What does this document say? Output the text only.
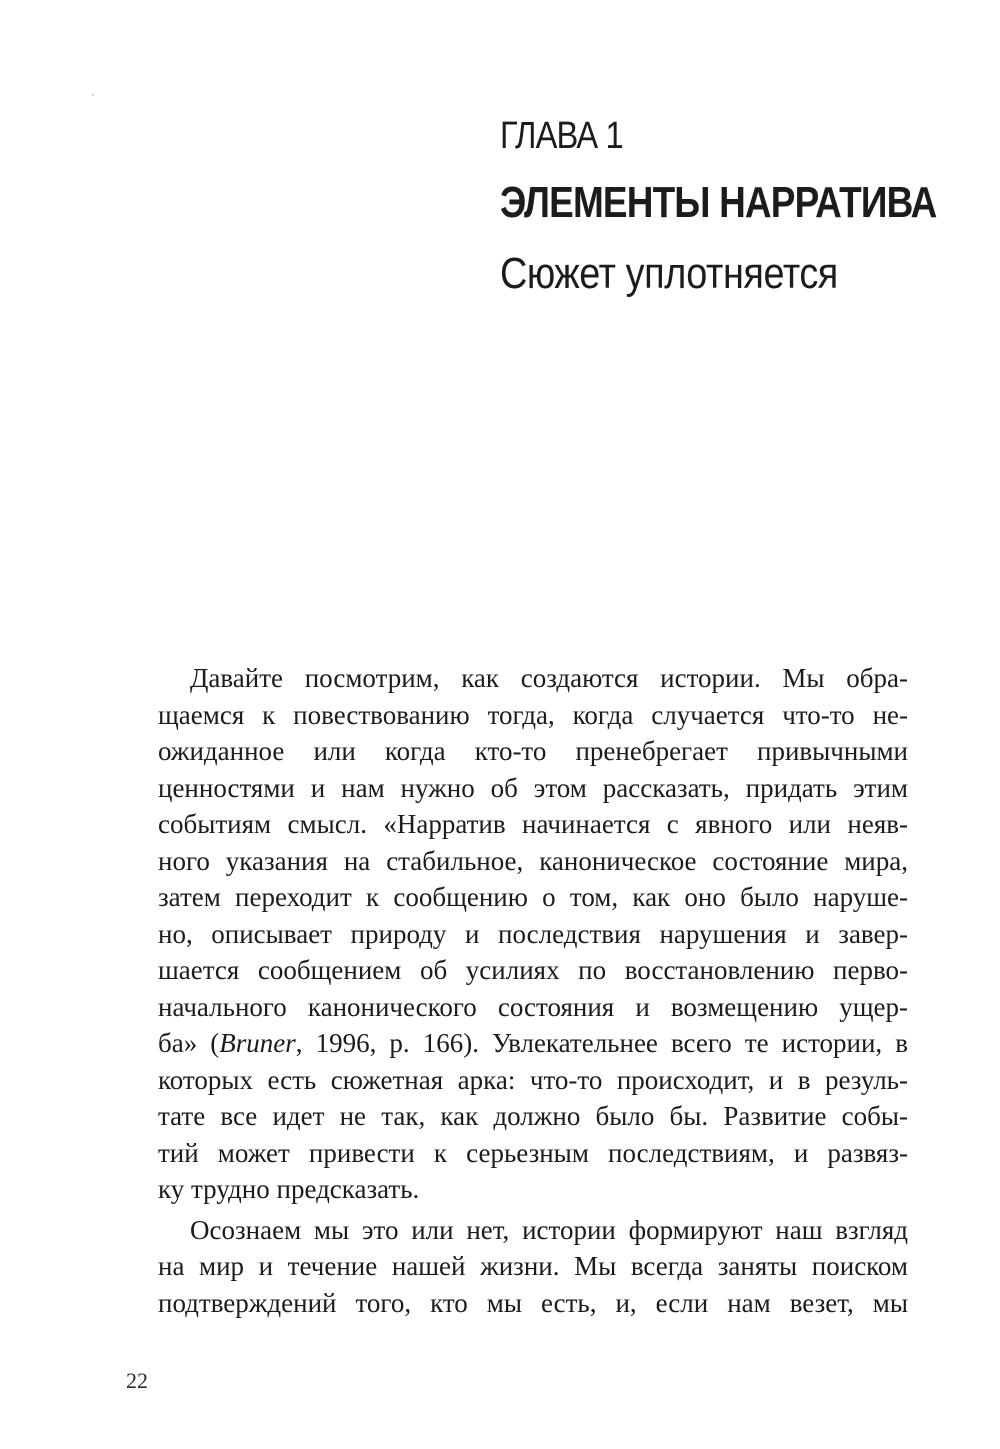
ГЛАВА 1
ЭЛЕМЕНТЫ НАРРАТИВА
Сюжет уплотняется

Давайте посмотрим, как создаются истории. Мы обра-
щаемся к повествованию тогда, когда случается что-то не-
ожиданное или когда кто-то пренебрегает привычными
ценностями и нам нужно об этом рассказать, придать этим
событиям смысл. «Нарратив начинается с явного или неяв-
ного указания на стабильное, каноническое состояние мира,
затем переходит к сообщению о том, как оно было наруше-
но, описывает природу и последствия нарушения и завер-
шается сообщением об усилиях по восстановлению перво-
начального канонического состояния и возмещению ущер-
ба» (Bruner, 1996, p. 166). Увлекательнее всего те истории, в
которых есть сюжетная арка: что-то происходит, и в резуль-
тате все идет не так, как должно было бы. Развитие собы-
тий может привести к серьезным последствиям, и развяз-
ку трудно предсказать.

Осознаем мы это или нет, истории формируют наш взгляд
на мир и течение нашей жизни. Мы всегда заняты поиском
подтверждений того, кто мы есть, и, если нам везет, мы

22
